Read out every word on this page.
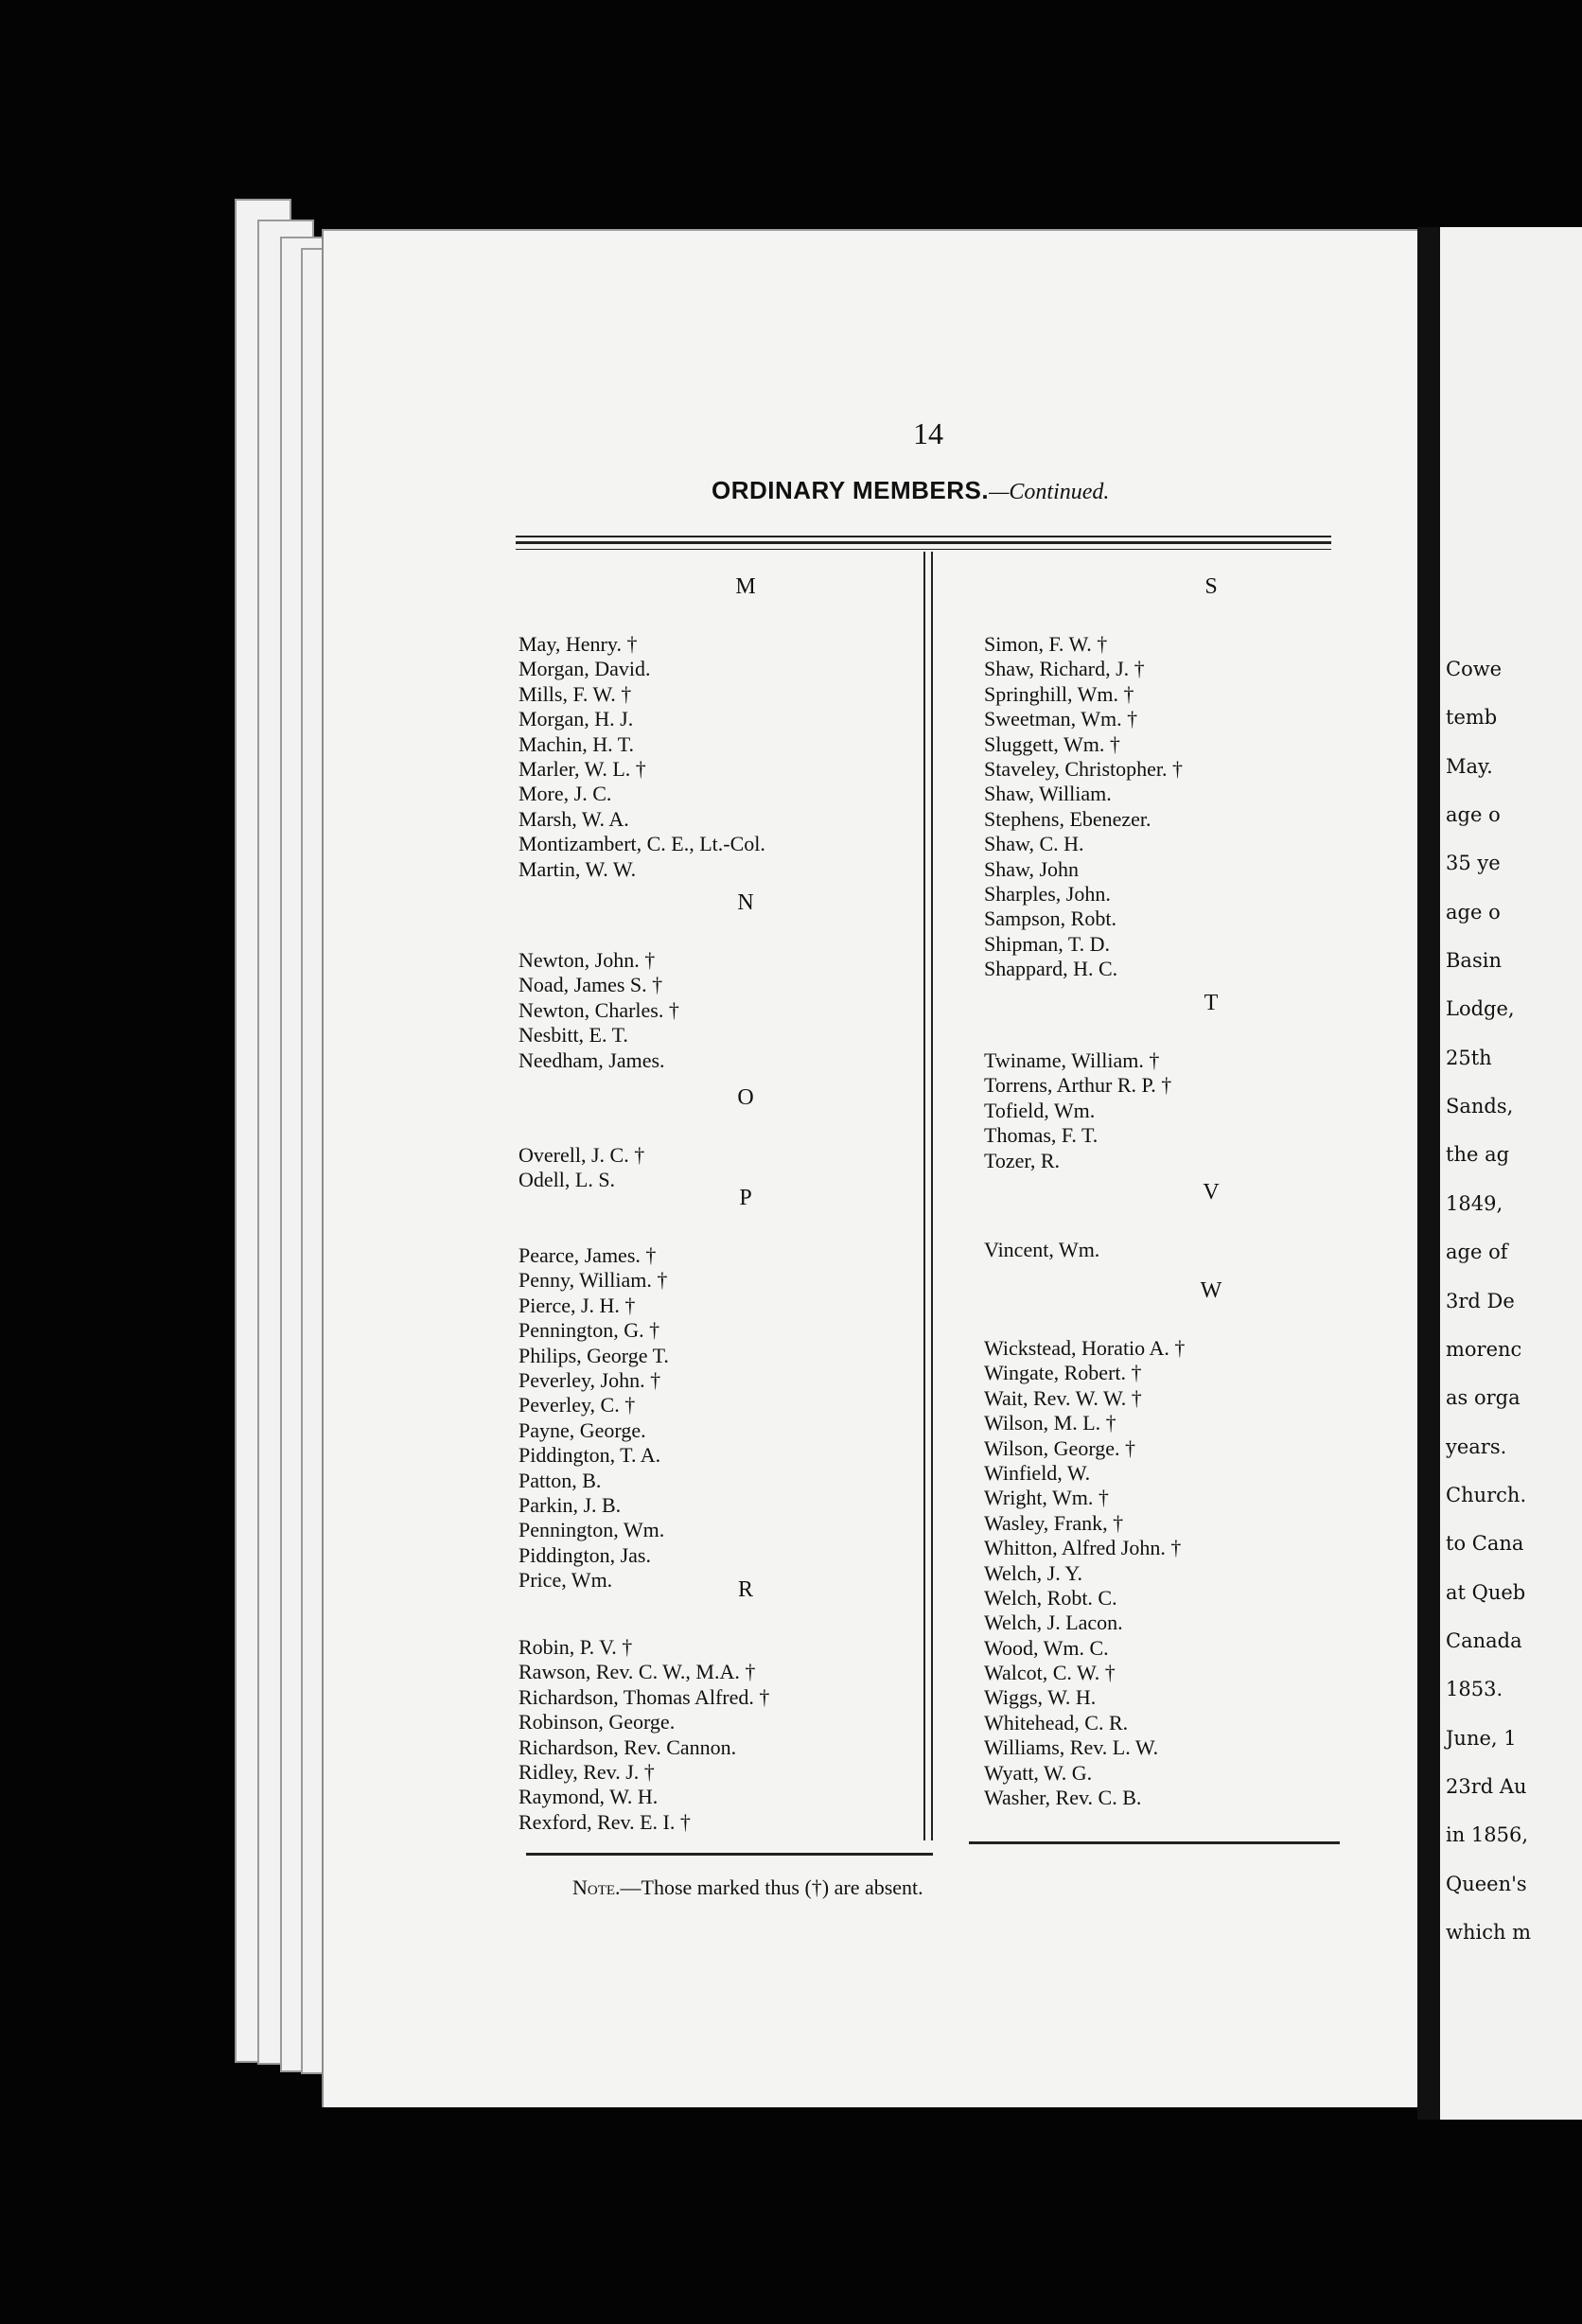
14
ORDINARY MEMBERS.—Continued.
M
May, Henry. †
Morgan, David.
Mills, F. W. †
Morgan, H. J.
Machin, H. T.
Marler, W. L. †
More, J. C.
Marsh, W. A.
Montizambert, C. E., Lt.-Col.
Martin, W. W.
N
Newton, John. †
Noad, James S. †
Newton, Charles. †
Nesbitt, E. T.
Needham, James.
O
Overell, J. C. †
Odell, L. S.
P
Pearce, James. †
Penny, William. †
Pierce, J. H. †
Pennington, G. †
Philips, George T.
Peverley, John. †
Peverley, C. †
Payne, George.
Piddington, T. A.
Patton, B.
Parkin, J. B.
Pennington, Wm.
Piddington, Jas.
Price, Wm.	R
Robin, P. V. †
Rawson, Rev. C. W., M.A. †
Richardson, Thomas Alfred. †
Robinson, George.
Richardson, Rev. Cannon.
Ridley, Rev. J. †
Raymond, W. H.
Rexford, Rev. E. I. †
S
Simon, F. W. †
Shaw, Richard, J. †
Springhill, Wm. †
Sweetman, Wm. †
Sluggett, Wm. †
Staveley, Christopher. †
Shaw, William.
Stephens, Ebenezer.
Shaw, C. H.
Shaw, John
Sharples, John.
Sampson, Robt.
Shipman, T. D.
Shappard, H. C.
T
Twiname, William. †
Torrens, Arthur R. P. †
Tofield, Wm.
Thomas, F. T.
Tozer, R.
V
Vincent, Wm.
W
Wickstead, Horatio A. †
Wingate, Robert. †
Wait, Rev. W. W. †
Wilson, M. L. †
Wilson, George. †
Winfield, W.
Wright, Wm. †
Wasley, Frank, †
Whitton, Alfred John. †
Welch, J. Y.
Welch, Robt. C.
Welch, J. Lacon.
Wood, Wm. C.
Walcot, C. W. †
Wiggs, W. H.
Whitehead, C. R.
Williams, Rev. L. W.
Wyatt, W. G.
Washer, Rev. C. B.
Note.—Those marked thus (†) are absent.
Cowe
temb
May.
age o
35 ye
age o
Basin
Lodge,
25th
Sands,
the ag
1849,
age of
3rd De
morenc
as orga
years.
Church.
to Cana
at Queb
Canada
1853.
June, 1
23rd Au
in 1856,
Queen's
which m
